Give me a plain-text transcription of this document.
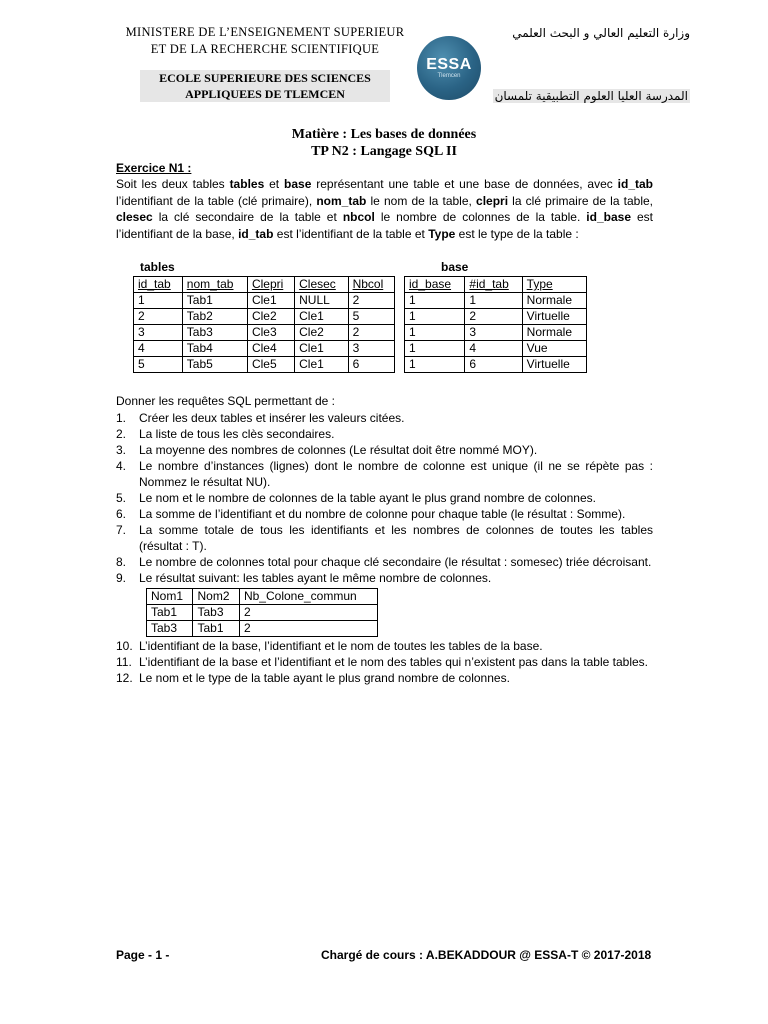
MINISTERE DE L’ENSEIGNEMENT SUPERIEUR
ET DE LA RECHERCHE SCIENTIFIQUE
ECOLE SUPERIEURE DES SCIENCES
APPLIQUEES DE TLEMCEN
ESSA
Tlemcen
وزارة التعليم العالي و البحث العلمي
المدرسة العليا العلوم التطبيقية تلمسان
Matière : Les bases de données
TP N2 : Langage SQL II
Exercice N1 :
Soit les deux tables tables et base représentant une table et une base de données, avec id_tab l’identifiant de la table (clé primaire), nom_tab le nom de la table, clepri la clé primaire de la table, clesec la clé secondaire de la table et nbcol le nombre de colonnes de la table. id_base est l’identifiant de la base, id_tab est l’identifiant de la table et Type est le type de la table :
tables
id_tab	nom_tab	Clepri	Clesec	Nbcol
1	Tab1	Cle1	NULL	2
2	Tab2	Cle2	Cle1	5
3	Tab3	Cle3	Cle2	2
4	Tab4	Cle4	Cle1	3
5	Tab5	Cle5	Cle1	6
base
id_base	#id_tab	Type
1	1	Normale
1	2	Virtuelle
1	3	Normale
1	4	Vue
1	6	Virtuelle
Donner les requêtes SQL permettant de :
1. Créer les deux tables et insérer les valeurs citées.
2. La liste de tous les clès secondaires.
3. La moyenne des nombres de colonnes (Le résultat doit être nommé MOY).
4. Le nombre d’instances (lignes) dont le nombre de colonne est unique (il ne se répète pas : Nommez le résultat NU).
5. Le nom et le nombre de colonnes de la table ayant le plus grand nombre de colonnes.
6. La somme de l’identifiant et du nombre de colonne pour chaque table (le résultat : Somme).
7. La somme totale de tous les identifiants et les nombres de colonnes de toutes les tables (résultat : T).
8. Le nombre de colonnes total pour chaque clé secondaire (le résultat : somesec) triée décroisant.
9. Le résultat suivant: les tables ayant le même nombre de colonnes.
Nom1	Nom2	Nb_Colone_commun
Tab1	Tab3	2
Tab3	Tab1	2
10. L’identifiant de la base, l’identifiant et le nom de toutes les tables de la base.
11. L’identifiant de la base et l’identifiant et le nom des tables qui n’existent pas dans la table tables.
12. Le nom et le type de la table ayant le plus grand nombre de colonnes.
Page - 1 -	Chargé de cours : A.BEKADDOUR @ ESSA-T © 2017-2018
